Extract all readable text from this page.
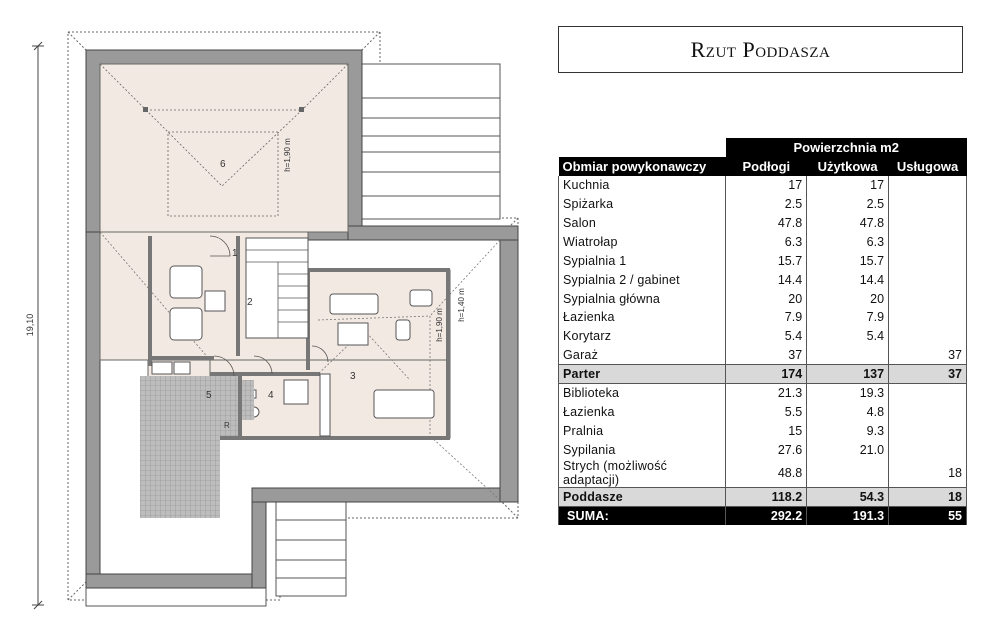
19,10
1
2
3
4
5
6
R
h=1,90 m
h=1,90 m
h=1,40 m
Rzut Poddasza
	Powierzchnia m2		
Obmiar powykonawczy	Podłogi	Użytkowa	Usługowa
Kuchnia	17	17	
Spiżarka	2.5	2.5	
Salon	47.8	47.8	
Wiatrołap	6.3	6.3	
Sypialnia 1	15.7	15.7	
Sypialnia 2 / gabinet	14.4	14.4	
Sypialnia główna	20	20	
Łazienka	7.9	7.9	
Korytarz	5.4	5.4	
Garaż	37		37
Parter	174	137	37
Biblioteka	21.3	19.3	
Łazienka	5.5	4.8	
Pralnia	15	9.3	
Sypilania	27.6	21.0	
Strych (możliwość adaptacji)	48.8		18
Poddasze	118.2	54.3	18
SUMA:	292.2	191.3	55
